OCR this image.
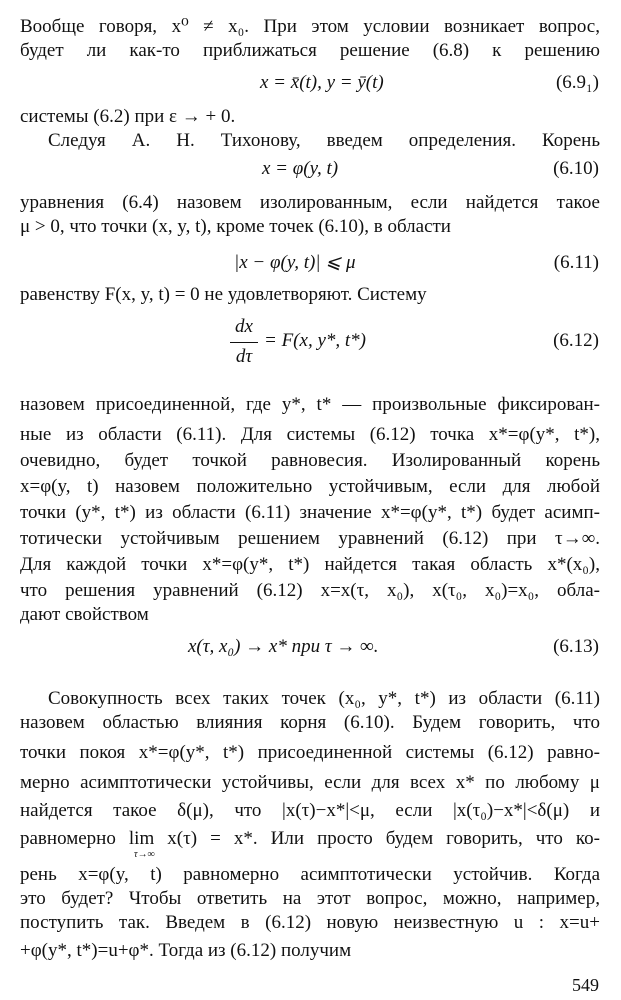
Вообще говоря, x⁰ ≠ x₀. При этом условии возникает вопрос,
будет ли как-то приближаться решение (6.8) к решению
x = x̄(t), y = ȳ(t)	(6.9₁)
системы (6.2) при ε → + 0.
Следуя А. Н. Тихонову, введем определения. Корень
x = φ(y, t)	(6.10)
уравнения (6.4) назовем изолированным, если найдется такое
μ > 0, что точки (x, y, t), кроме точек (6.10), в области
|x − φ(y, t)| ⩽ μ	(6.11)
равенству F(x, y, t) = 0 не удовлетворяют. Систему
dx
dτ
= F(x, y*, t*)	(6.12)
назовем присоединенной, где y*, t* — произвольные фиксирован-
ные из области (6.11). Для системы (6.12) точка x*=φ(y*, t*),
очевидно, будет точкой равновесия. Изолированный корень
x=φ(y, t) назовем положительно устойчивым, если для любой
точки (y*, t*) из области (6.11) значение x*=φ(y*, t*) будет асимп-
тотически устойчивым решением уравнений (6.12) при τ→∞.
Для каждой точки x*=φ(y*, t*) найдется такая область x*(x₀),
что решения уравнений (6.12) x=x(τ, x₀), x(τ₀, x₀)=x₀, обла-
дают свойством
x(τ, x₀) → x* при τ → ∞.	(6.13)
Совокупность всех таких точек (x₀, y*, t*) из области (6.11)
назовем областью влияния корня (6.10). Будем говорить, что
точки покоя x*=φ(y*, t*) присоединенной системы (6.12) равно-
мерно асимптотически устойчивы, если для всех x* по любому μ
найдется такое δ(μ), что |x(τ)−x*|<μ, если |x(τ₀)−x*|<δ(μ) и
равномерно lim x(τ) = x*. Или просто будем говорить, что ко-
τ→∞
рень x=φ(y, t) равномерно асимптотически устойчив. Когда
это будет? Чтобы ответить на этот вопрос, можно, например,
поступить так. Введем в (6.12) новую неизвестную u : x=u+
+φ(y*, t*)=u+φ*. Тогда из (6.12) получим
549
